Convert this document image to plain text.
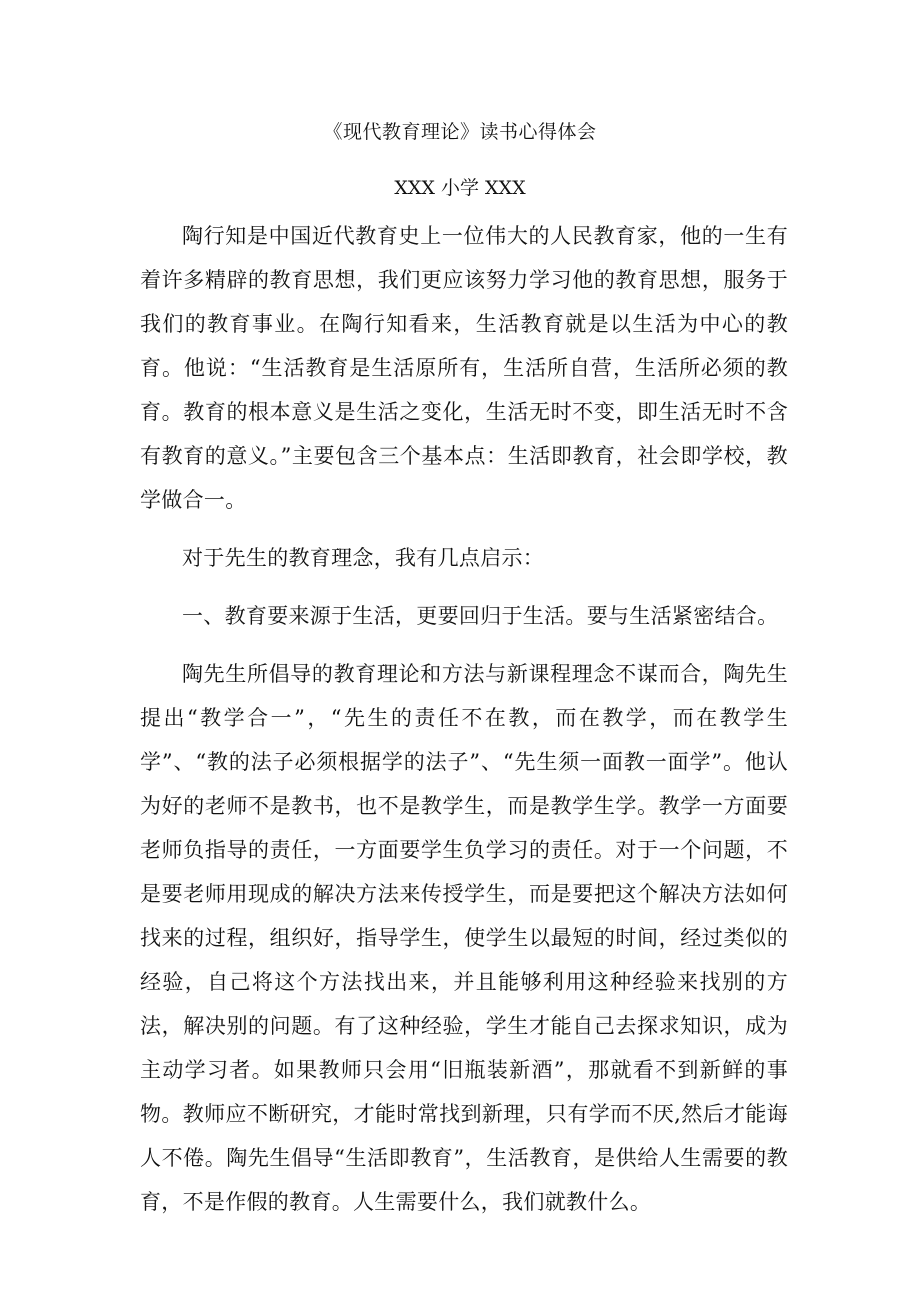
《现代教育理论》读书心得体会
XXX 小学 XXX

陶行知是中国近代教育史上一位伟大的人民教育家，他的一生有着许多精辟的教育思想，我们更应该努力学习他的教育思想，服务于我们的教育事业。在陶行知看来，生活教育就是以生活为中心的教育。他说：“生活教育是生活原所有，生活所自营，生活所必须的教育。教育的根本意义是生活之变化，生活无时不变，即生活无时不含有教育的意义。”主要包含三个基本点：生活即教育，社会即学校，教学做合一。

对于先生的教育理念，我有几点启示：

一、教育要来源于生活，更要回归于生活。要与生活紧密结合。

陶先生所倡导的教育理论和方法与新课程理念不谋而合，陶先生提出“教学合一”，“先生的责任不在教，而在教学，而在教学生学”、“教的法子必须根据学的法子”、“先生须一面教一面学”。他认为好的老师不是教书，也不是教学生，而是教学生学。教学一方面要老师负指导的责任，一方面要学生负学习的责任。对于一个问题，不是要老师用现成的解决方法来传授学生，而是要把这个解决方法如何找来的过程，组织好，指导学生，使学生以最短的时间，经过类似的经验，自己将这个方法找出来，并且能够利用这种经验来找别的方法，解决别的问题。有了这种经验，学生才能自己去探求知识，成为主动学习者。如果教师只会用“旧瓶装新酒”，那就看不到新鲜的事物。教师应不断研究，才能时常找到新理，只有学而不厌,然后才能诲人不倦。陶先生倡导“生活即教育”，生活教育，是供给人生需要的教育，不是作假的教育。人生需要什么，我们就教什么。
